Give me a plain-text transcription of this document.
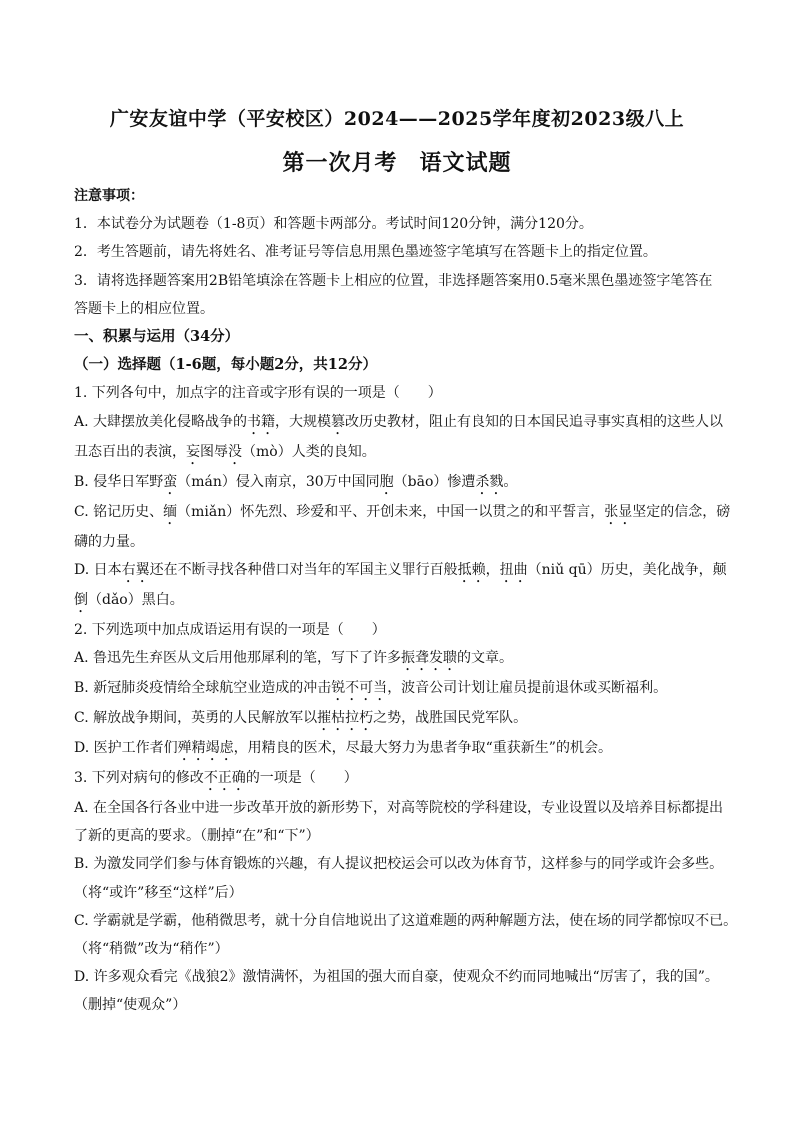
广安友谊中学（平安校区）2024——2025学年度初2023级八上
第一次月考 语文试题
注意事项：
1．本试卷分为试题卷（1-8页）和答题卡两部分。考试时间120分钟，满分120分。
2．考生答题前，请先将姓名、准考证号等信息用黑色墨迹签字笔填写在答题卡上的指定位置。
3．请将选择题答案用2B铅笔填涂在答题卡上相应的位置，非选择题答案用0.5毫米黑色墨迹签字笔答在
答题卡上的相应位置。
一、积累与运用（34分）
（一）选择题（1-6题，每小题2分，共12分）
1. 下列各句中，加点字的注音或字形有误的一项是（　　）
A. 大肆摆放美化侵略战争的书籍，大规模篡改历史教材，阻止有良知的日本国民追寻事实真相的这些人以
丑态百出的表演，妄图辱没（mò）人类的良知。
B. 侵华日军野蛮（mán）侵入南京，30万中国同胞（bāo）惨遭杀戮。
C. 铭记历史、缅（miǎn）怀先烈、珍爱和平、开创未来，中国一以贯之的和平誓言，张显坚定的信念，磅
礴的力量。
D. 日本右翼还在不断寻找各种借口对当年的军国主义罪行百般抵赖，扭曲（niǔ qū）历史，美化战争，颠
倒（dǎo）黑白。
2. 下列选项中加点成语运用有误的一项是（　　）
A. 鲁迅先生弃医从文后用他那犀利的笔，写下了许多振聋发聩的文章。
B. 新冠肺炎疫情给全球航空业造成的冲击锐不可当，波音公司计划让雇员提前退休或买断福利。
C. 解放战争期间，英勇的人民解放军以摧枯拉朽之势，战胜国民党军队。
D. 医护工作者们殚精竭虑，用精良的医术，尽最大努力为患者争取“重获新生”的机会。
3. 下列对病句的修改不正确的一项是（　　）
A. 在全国各行各业中进一步改革开放的新形势下，对高等院校的学科建设，专业设置以及培养目标都提出
了新的更高的要求。（删掉“在”和“下”）
B. 为激发同学们参与体育锻炼的兴趣，有人提议把校运会可以改为体育节，这样参与的同学或许会多些。
（将“或许”移至“这样”后）
C. 学霸就是学霸，他稍微思考，就十分自信地说出了这道难题的两种解题方法，使在场的同学都惊叹不已。
（将“稍微”改为“稍作”）
D. 许多观众看完《战狼2》激情满怀，为祖国的强大而自豪，使观众不约而同地喊出“厉害了，我的国”。
（删掉“使观众”）
